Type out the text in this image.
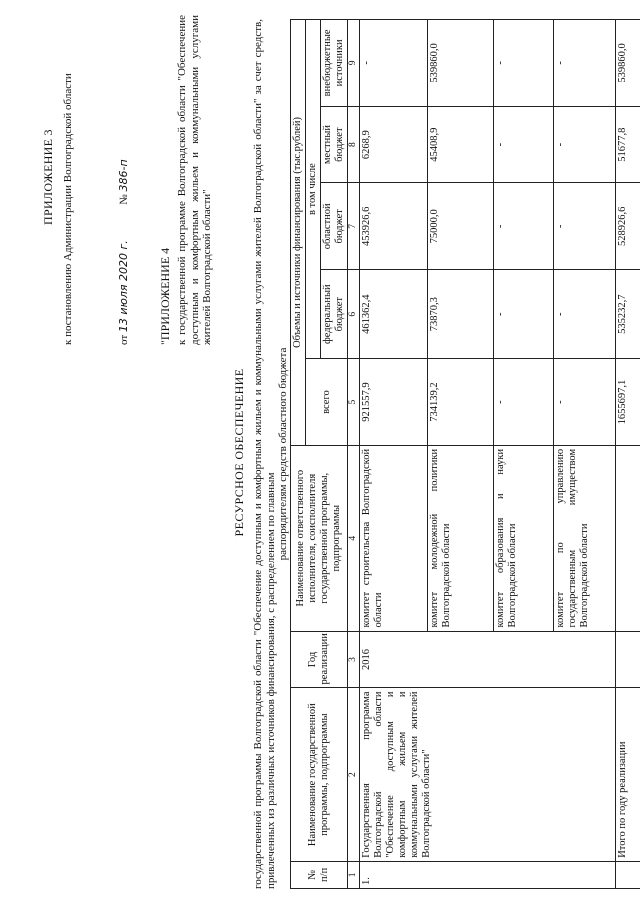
ПРИЛОЖЕНИЕ 3
к постановлению Администрации Волгоградской области
от 13 июля 2020 г.  № 386-п
"ПРИЛОЖЕНИЕ 4 к государственной программе Волгоградской области "Обеспечение доступным и комфортным жильем и коммунальными услугами жителей Волгоградской области"
РЕСУРСНОЕ ОБЕСПЕЧЕНИЕ государственной программы Волгоградской области "Обеспечение доступным и комфортным жильем и коммунальными услугами жителей Волгоградской области" за счет средств, привлеченных из различных источников финансирования, с распределением по главным
распорядителям средств областного бюджета
№ п/п	Наименование государственной программы, подпрограммы	Год реализации	Наименование ответственного исполнителя, соисполнителя государственной программы, подпрограммы	Объемы и источники финансирования (тыс.рублей)				
				всего	в том числе			
					федеральный бюджет	областной бюджет	местный бюджет	внебюджетные источники
1	2	3	4	5	6	7	8	9
1.	Государственная программа Волгоградской области "Обеспечение доступным и комфортным жильем и коммунальными услугами жителей Волгоградской области"	2016	комитет строительства Волгоградской области	921557,9	461362,4	453926,6	6268,9	-
			комитет молодежной политики Волгоградской области	734139,2	73870,3	75000,0	45408,9	539860,0
			комитет образования и науки Волгоградской области	-	-	-	-	-
			комитет по управлению государственным имуществом Волгоградской области	-	-	-	-	-
	Итого по году реализации			1655697,1	535232,7	528926,6	51677,8	539860,0
